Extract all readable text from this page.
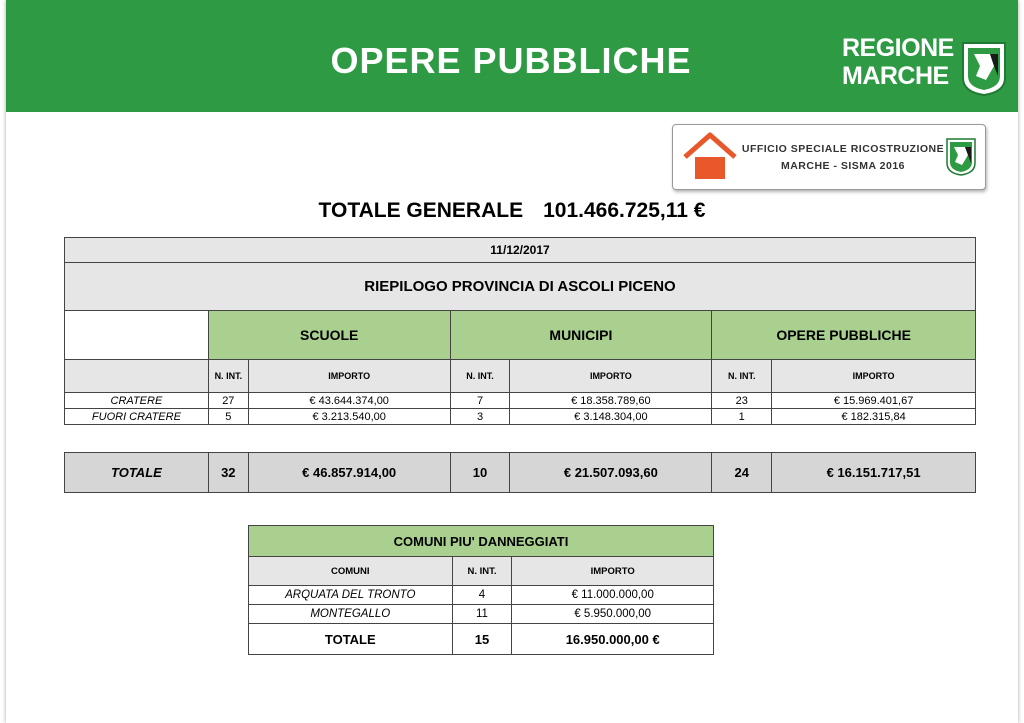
OPERE PUBBLICHE	REGIONE
MARCHE
UFFICIO SPECIALE RICOSTRUZIONE
MARCHE - SISMA 2016
TOTALE GENERALE 101.466.725,11 €
11/12/2017						
RIEPILOGO PROVINCIA DI ASCOLI PICENO						
	SCUOLE		MUNICIPI		OPERE PUBBLICHE	
	N. INT.	IMPORTO	N. INT.	IMPORTO	N. INT.	IMPORTO
CRATERE	27	€ 43.644.374,00	7	€ 18.358.789,60	23	€ 15.969.401,67
FUORI CRATERE	5	€ 3.213.540,00	3	€ 3.148.304,00	1	€ 182.315,84
TOTALE	32	€ 46.857.914,00	10	€ 21.507.093,60	24	€ 16.151.717,51
COMUNI PIU' DANNEGGIATI		
COMUNI	N. INT.	IMPORTO
ARQUATA DEL TRONTO	4	€ 11.000.000,00
MONTEGALLO	11	€ 5.950.000,00
TOTALE	15	16.950.000,00 €
